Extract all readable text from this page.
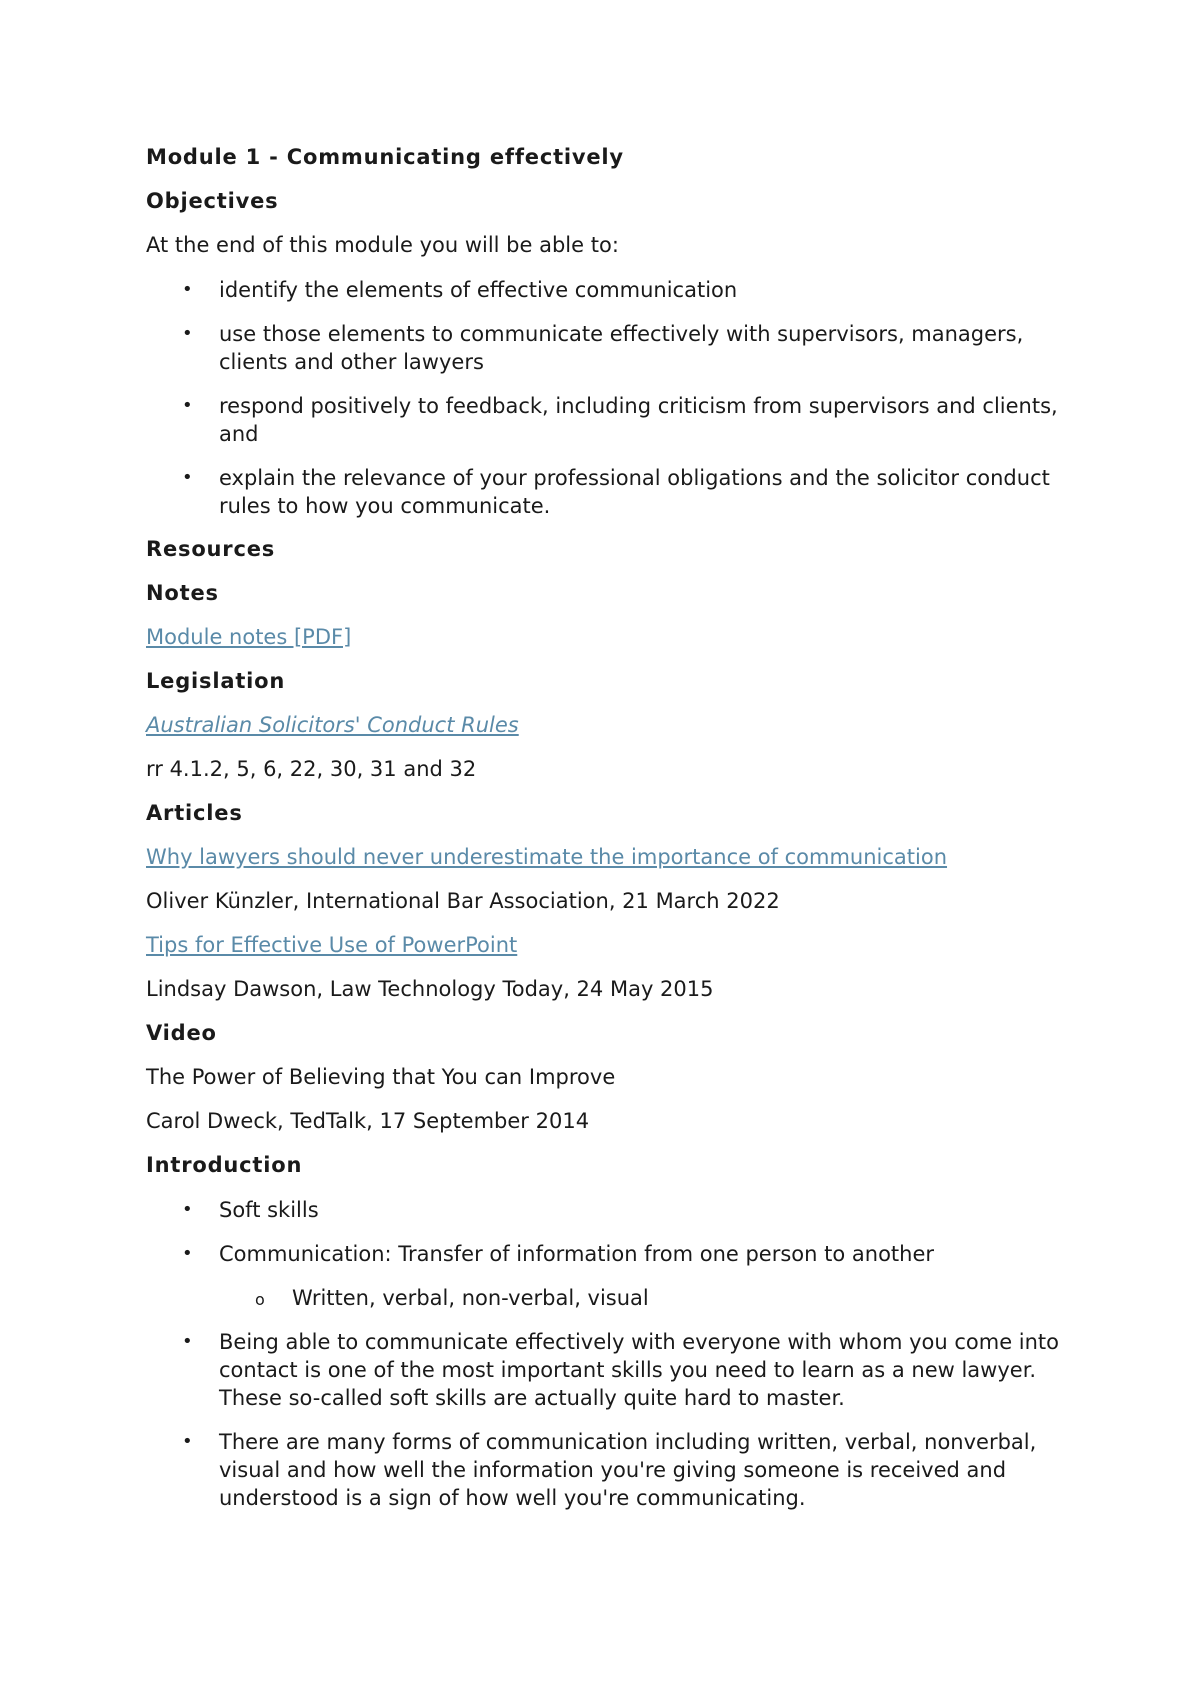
Module 1 - Communicating effectively
Objectives
At the end of this module you will be able to:
• identify the elements of effective communication
• use those elements to communicate effectively with supervisors, managers, clients and other lawyers
• respond positively to feedback, including criticism from supervisors and clients, and
• explain the relevance of your professional obligations and the solicitor conduct rules to how you communicate.
Resources
Notes
Module notes [PDF]
Legislation
Australian Solicitors' Conduct Rules
rr 4.1.2, 5, 6, 22, 30, 31 and 32
Articles
Why lawyers should never underestimate the importance of communication
Oliver Künzler, International Bar Association, 21 March 2022
Tips for Effective Use of PowerPoint
Lindsay Dawson, Law Technology Today, 24 May 2015
Video
The Power of Believing that You can Improve
Carol Dweck, TedTalk, 17 September 2014
Introduction
• Soft skills
• Communication: Transfer of information from one person to another
o Written, verbal, non-verbal, visual
• Being able to communicate effectively with everyone with whom you come into contact is one of the most important skills you need to learn as a new lawyer. These so-called soft skills are actually quite hard to master.
• There are many forms of communication including written, verbal, nonverbal, visual and how well the information you're giving someone is received and understood is a sign of how well you're communicating.
